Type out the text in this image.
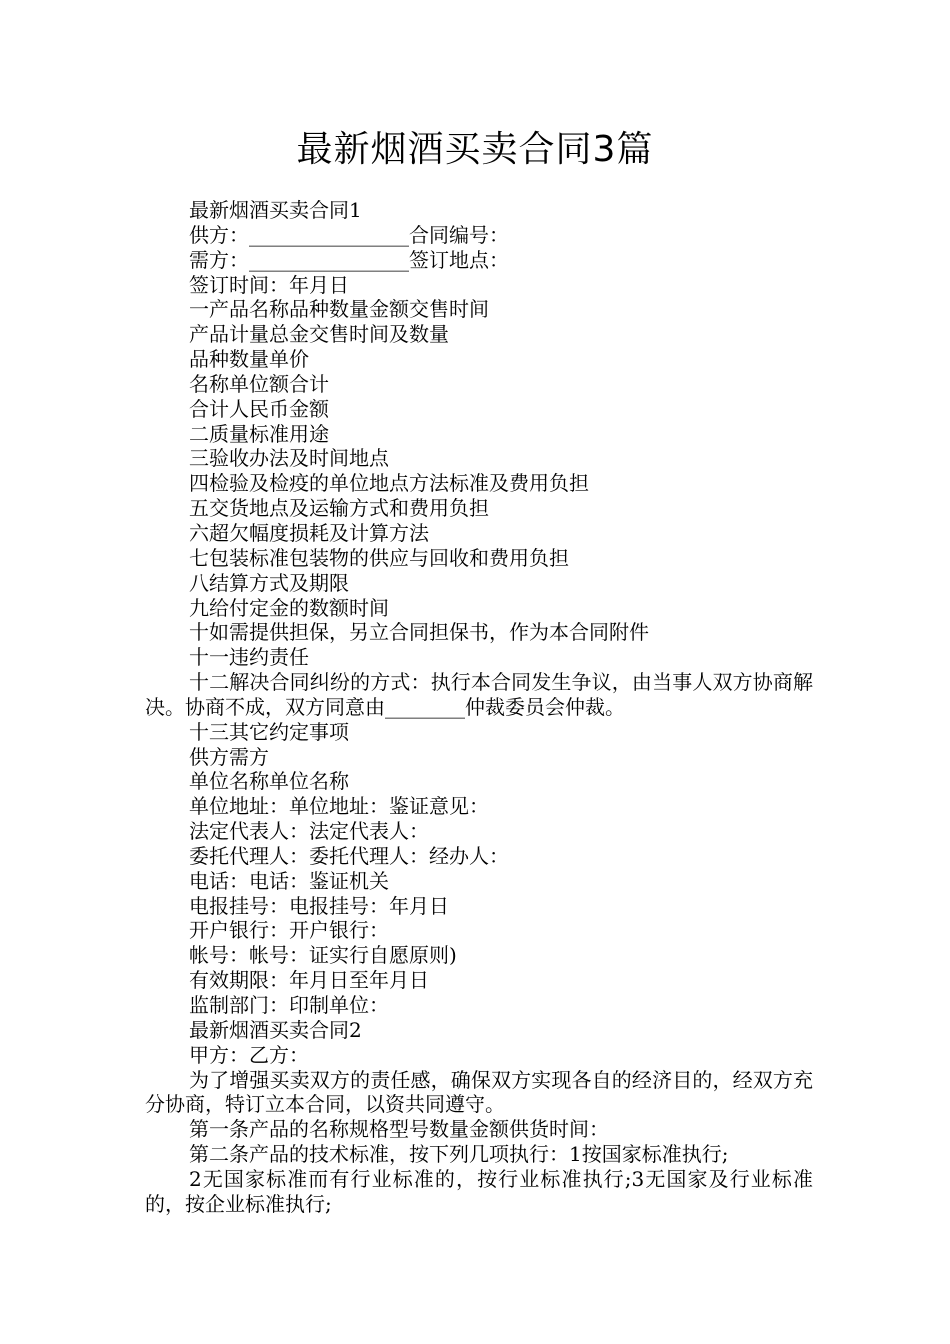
最新烟酒买卖合同3篇

最新烟酒买卖合同1

供方：________________合同编号：

需方：________________签订地点：

签订时间：年月日

一产品名称品种数量金额交售时间

产品计量总金交售时间及数量

品种数量单价

名称单位额合计

合计人民币金额

二质量标准用途

三验收办法及时间地点

四检验及检疫的单位地点方法标准及费用负担

五交货地点及运输方式和费用负担

六超欠幅度损耗及计算方法

七包装标准包装物的供应与回收和费用负担

八结算方式及期限

九给付定金的数额时间

十如需提供担保，另立合同担保书，作为本合同附件

十一违约责任

十二解决合同纠纷的方式：执行本合同发生争议，由当事人双方协商解决。协商不成，双方同意由________仲裁委员会仲裁。

十三其它约定事项

供方需方

单位名称单位名称

单位地址：单位地址：鉴证意见：

法定代表人：法定代表人：

委托代理人：委托代理人：经办人：

电话：电话：鉴证机关

电报挂号：电报挂号：年月日

开户银行：开户银行：

帐号：帐号：证实行自愿原则)

有效期限：年月日至年月日

监制部门：印制单位：

最新烟酒买卖合同2

甲方：乙方：

为了增强买卖双方的责任感，确保双方实现各自的经济目的，经双方充分协商，特订立本合同，以资共同遵守。

第一条产品的名称规格型号数量金额供货时间：

第二条产品的技术标准，按下列几项执行：1按国家标准执行;

2无国家标准而有行业标准的，按行业标准执行;3无国家及行业标准的，按企业标准执行;
